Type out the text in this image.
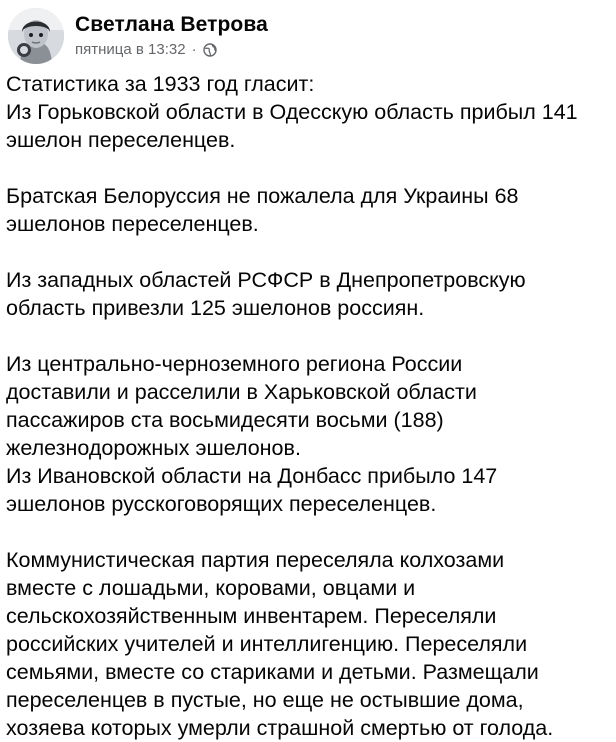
Светлана Ветрова
пятница в 13:32 ·

Статистика за 1933 год гласит:
Из Горьковской области в Одесскую область прибыл 141
эшелон переселенцев.

Братская Белоруссия не пожалела для Украины 68
эшелонов переселенцев.

Из западных областей РСФСР в Днепропетровскую
область привезли 125 эшелонов россиян.

Из центрально-черноземного региона России
доставили и расселили в Харьковской области
пассажиров ста восьмидесяти восьми (188)
железнодорожных эшелонов.
Из Ивановской области на Донбасс прибыло 147
эшелонов русскоговорящих переселенцев.

Коммунистическая партия переселяла колхозами
вместе с лошадьми, коровами, овцами и
сельскохозяйственным инвентарем. Переселяли
российских учителей и интеллигенцию. Переселяли
семьями, вместе со стариками и детьми. Размещали
переселенцев в пустые, но еще не остывшие дома,
хозяева которых умерли страшной смертью от голода.
